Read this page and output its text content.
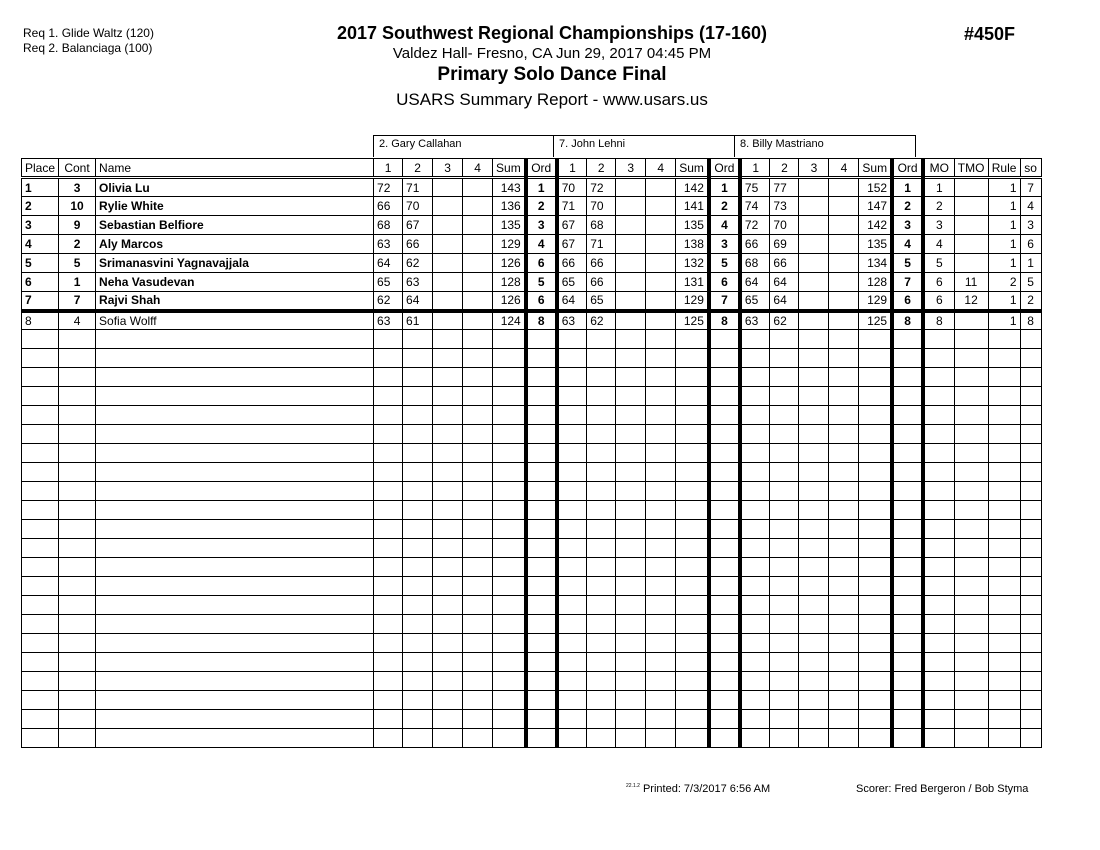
Req 1. Glide Waltz (120)
Req 2. Balanciaga (100)
2017 Southwest Regional Championships (17-160)
Valdez Hall- Fresno, CA Jun 29, 2017 04:45 PM
Primary Solo Dance Final
USARS Summary Report - www.usars.us
#450F
2. Gary Callahan	7. John Lehni	8. Billy Mastriano
Place	Cont	Name	1	2	3	4	Sum	Ord	1	2	3	4	Sum	Ord	1	2	3	4	Sum	Ord	MO	TMO	Rule	so
1	3	Olivia Lu	72	71			143	1	70	72			142	1	75	77			152	1	1		1	7
2	10	Rylie White	66	70			136	2	71	70			141	2	74	73			147	2	2		1	4
3	9	Sebastian Belfiore	68	67			135	3	67	68			135	4	72	70			142	3	3		1	3
4	2	Aly Marcos	63	66			129	4	67	71			138	3	66	69			135	4	4		1	6
5	5	Srimanasvini Yagnavajjala	64	62			126	6	66	66			132	5	68	66			134	5	5		1	1
6	1	Neha Vasudevan	65	63			128	5	65	66			131	6	64	64			128	7	6	11	2	5
7	7	Rajvi Shah	62	64			126	6	64	65			129	7	65	64			129	6	6	12	1	2
8	4	Sofia Wolff	63	61			124	8	63	62			125	8	63	62			125	8	8		1	8

$^{22.1.2}$ Printed: 7/3/2017 6:56 AM	Scorer: Fred Bergeron / Bob Styma
